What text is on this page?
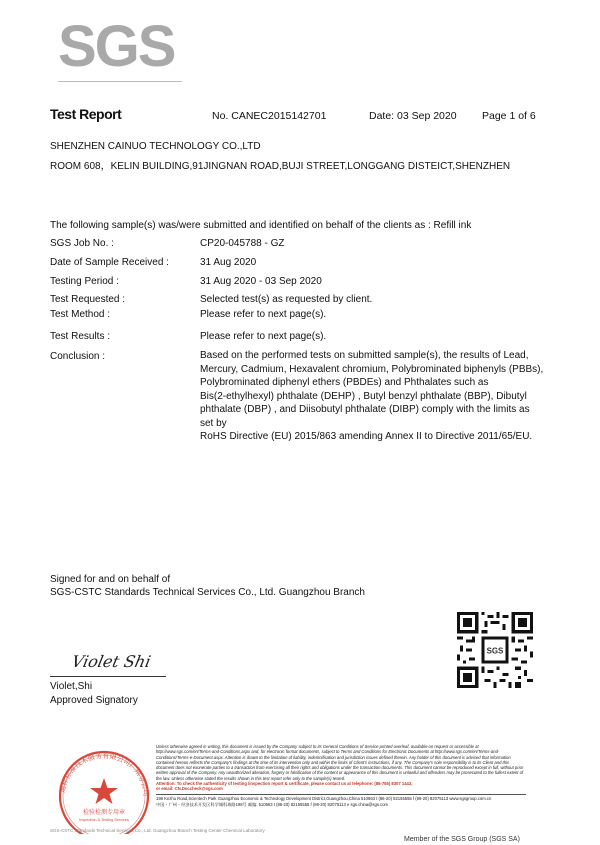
SGS
Test Report	No. CANEC2015142701	Date: 03 Sep 2020 Page 1 of 6
SHENZHEN CAINUO TECHNOLOGY CO.,LTD
ROOM 608，KELIN BUILDING,91JINGNAN ROAD,BUJI STREET,LONGGANG DISTEICT,SHENZHEN
The following sample(s) was/were submitted and identified on behalf of the clients as : Refill ink
SGS Job No. :	CP20-045788 - GZ
Date of Sample Received :	31 Aug 2020
Testing Period :	31 Aug 2020 - 03 Sep 2020
Test Requested :	Selected test(s) as requested by client.
Test Method :	Please refer to next page(s).
Test Results :	Please refer to next page(s).
Conclusion :	Based on the performed tests on submitted sample(s), the results of Lead,
Mercury, Cadmium, Hexavalent chromium, Polybrominated biphenyls (PBBs),
Polybrominated diphenyl ethers (PBDEs) and Phthalates such as
Bis(2-ethylhexyl) phthalate (DEHP) , Butyl benzyl phthalate (BBP), Dibutyl
phthalate (DBP) , and Diisobutyl phthalate (DIBP) comply with the limits as set by
RoHS Directive (EU) 2015/863 amending Annex II to Directive 2011/65/EU.
Signed for and on behalf of
SGS-CSTC Standards Technical Services Co., Ltd. Guangzhou Branch
SGS
Violet Shi
Violet,Shi
Approved Signatory
通标标准技术服务有限公司广州分公司
检验检测专用章
Inspection & Testing Services
SGS-CSTC Standards Technical Services Co., Ltd. Guangzhou Branch Testing Center Chemical Laboratory
Unless otherwise agreed in writing, this document is issued by the Company subject to its General Conditions of Service printed overleaf, available on request or accessible at http://www.sgs.com/en/Terms-and-Conditions.aspx and, for electronic format documents, subject to Terms and Conditions for Electronic Documents at http://www.sgs.com/en/Terms-and-Conditions/Terms-e-Document.aspx. Attention is drawn to the limitation of liability, indemnification and jurisdiction issues defined therein. Any holder of this document is advised that information contained hereon reflects the Company's findings at the time of its intervention only and within the limits of Client's instructions, if any. The Company's sole responsibility is to its Client and this document does not exonerate parties to a transaction from exercising all their rights and obligations under the transaction documents. This document cannot be reproduced except in full, without prior written approval of the Company. Any unauthorized alteration, forgery or falsification of the content or appearance of this document is unlawful and offenders may be prosecuted to the fullest extent of the law. Unless otherwise stated the results shown in this test report refer only to the sample(s) tested.
Attention: To check the authenticity of testing /inspection report & certificate, please contact us at telephone: (86-755) 8307 1443,
or email: CN.Doccheck@sgs.com
198 Kezhu Road,Scientech Park Guangzhou Economic & Technology Development District,Guangzhou,China 510663 t (86-20) 82155555 f (86-20) 82075113 www.sgsgroup.com.cn
中国・广州・经济技术开发区科学城科珠路198号 邮编: 510663 t (86-20) 82155555 f (86-20) 82075113 e sgs.china@sgs.com
Member of the SGS Group (SGS SA)
